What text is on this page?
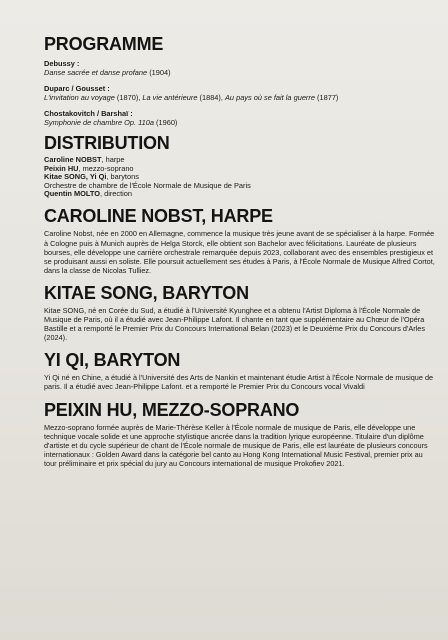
PROGRAMME
Debussy :
Danse sacrée et danse profane (1904)
Duparc / Gousset :
L'invitation au voyage (1870), La vie antérieure (1884), Au pays où se fait la guerre (1877)
Chostakovitch / Barshaï :
Symphonie de chambre Op. 110a (1960)
DISTRIBUTION
Caroline NOBST, harpe
Peixin HU, mezzo-soprano
Kitae SONG, Yi Qi, barytons
Orchestre de chambre de l'École Normale de Musique de Paris
Quentin MOLTO, direction
CAROLINE NOBST, HARPE

Caroline Nobst, née en 2000 en Allemagne, commence la musique très jeune avant de se spécialiser à la harpe. Formée à Cologne puis à Munich auprès de Helga Storck, elle obtient son Bachelor avec félicitations. Lauréate de plusieurs bourses, elle développe une carrière orchestrale remarquée depuis 2023, collaborant avec des ensembles prestigieux et se produisant aussi en soliste. Elle poursuit actuellement ses études à Paris, à l'École Normale de Musique Alfred Cortot, dans la classe de Nicolas Tulliez.

KITAE SONG, BARYTON

Kitae SONG, né en Corée du Sud, a étudié à l'Université Kyunghee et a obtenu l'Artist Diploma à l'École Normale de Musique de Paris, où il a étudié avec Jean-Philippe Lafont. Il chante en tant que supplémentaire au Chœur de l'Opéra Bastille et a remporté le Premier Prix du Concours International Belan (2023) et le Deuxième Prix du Concours d'Arles (2024).

YI QI, BARYTON

Yi Qi né en Chine, a étudié à l'Université des Arts de Nankin et maintenant étudie Artist à l'École Normale de musique de paris. Il a étudié avec Jean-Philippe Lafont. et a remporté le Premier Prix du Concours vocal Vivaldi

PEIXIN HU, MEZZO-SOPRANO

Mezzo-soprano formée auprès de Marie-Thérèse Keller à l'École normale de musique de Paris, elle développe une technique vocale solide et une approche stylistique ancrée dans la tradition lyrique européenne. Titulaire d'un diplôme d'artiste et du cycle supérieur de chant de l'École normale de musique de Paris, elle est lauréate de plusieurs concours internationaux : Golden Award dans la catégorie bel canto au Hong Kong International Music Festival, premier prix au tour préliminaire et prix spécial du jury au Concours international de musique Prokofiev 2021.
